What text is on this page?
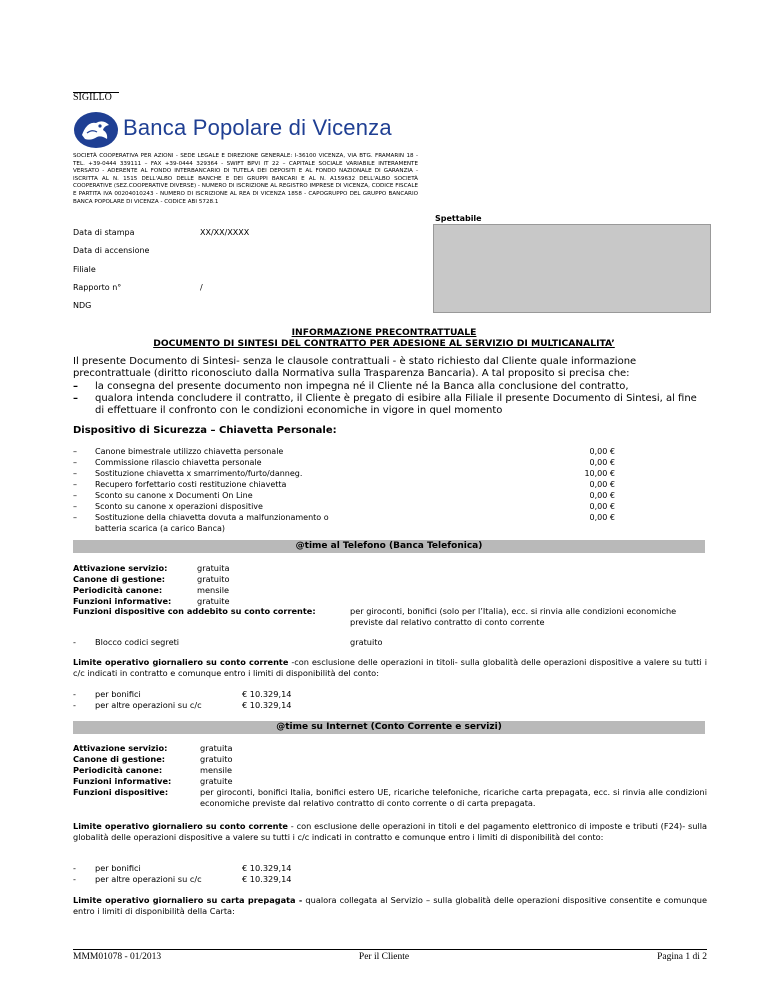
SIGILLO
Banca Popolare di Vicenza
SOCIETÀ COOPERATIVA PER AZIONI - SEDE LEGALE E DIREZIONE GENERALE: I-36100 VICENZA, VIA BTG. FRAMARIN 18 - TEL. +39-0444 339111 – FAX +39-0444 329364 - SWIFT BPVI IT 22 – CAPITALE SOCIALE VARIABILE INTERAMENTE VERSATO - ADERENTE AL FONDO INTERBANCARIO DI TUTELA DEI DEPOSITI E AL FONDO NAZIONALE DI GARANZIA - ISCRITTA AL N. 1515 DELL'ALBO DELLE BANCHE E DEI GRUPPI BANCARI E AL N. A159632 DELL'ALBO SOCIETÀ COOPERATIVE (SEZ.COOPERATIVE DIVERSE) - NUMERO DI ISCRIZIONE AL REGISTRO IMPRESE DI VICENZA, CODICE FISCALE E PARTITA IVA 00204010243 - NUMERO DI ISCRIZIONE AL REA DI VICENZA 1858 - CAPOGRUPPO DEL GRUPPO BANCARIO BANCA POPOLARE DI VICENZA - CODICE ABI 5728.1
Spettabile
Data di stampa	XX/XX/XXXX
Data di accensione
Filiale
Rapporto n°	/
NDG
INFORMAZIONE PRECONTRATTUALE
DOCUMENTO DI SINTESI DEL CONTRATTO PER ADESIONE AL SERVIZIO DI MULTICANALITA’
Il presente Documento di Sintesi- senza le clausole contrattuali - è stato richiesto dal Cliente quale informazione precontrattuale (diritto riconosciuto dalla Normativa sulla Trasparenza Bancaria). A tal proposito si precisa che:
– la consegna del presente documento non impegna né il Cliente né la Banca alla conclusione del contratto,
– qualora intenda concludere il contratto, il Cliente è pregato di esibire alla Filiale il presente Documento di Sintesi, al fine di effettuare il confronto con le condizioni economiche in vigore in quel momento
Dispositivo di Sicurezza – Chiavetta Personale:
– Canone bimestrale utilizzo chiavetta personale	0,00 €
– Commissione rilascio chiavetta personale	0,00 €
– Sostituzione chiavetta x smarrimento/furto/danneg.	10,00 €
– Recupero forfettario costi restituzione chiavetta	0,00 €
– Sconto su canone x Documenti On Line	0,00 €
– Sconto su canone x operazioni dispositive	0,00 €
– Sostituzione della chiavetta dovuta a malfunzionamento o	0,00 €
batteria scarica (a carico Banca)
@time al Telefono (Banca Telefonica)
Attivazione servizio:	gratuita
Canone di gestione:	gratuito
Periodicità canone:	mensile
Funzioni informative:	gratuite
Funzioni dispositive con addebito su conto corrente:	per giroconti, bonifici (solo per l’Italia), ecc. si rinvia alle condizioni economiche previste dal relativo contratto di conto corrente
- Blocco codici segreti	gratuito
Limite operativo giornaliero su conto corrente -con esclusione delle operazioni in titoli- sulla globalità delle operazioni dispositive a valere su tutti i c/c indicati in contratto e comunque entro i limiti di disponibilità del conto:
- per bonifici	€ 10.329,14
- per altre operazioni su c/c	€ 10.329,14
@time su Internet (Conto Corrente e servizi)
Attivazione servizio:	gratuita
Canone di gestione:	gratuito
Periodicità canone:	mensile
Funzioni informative:	gratuite
Funzioni dispositive:	per giroconti, bonifici Italia, bonifici estero UE, ricariche telefoniche, ricariche carta prepagata, ecc. si rinvia alle condizioni economiche previste dal relativo contratto di conto corrente o di carta prepagata.
Limite operativo giornaliero su conto corrente - con esclusione delle operazioni in titoli e del pagamento elettronico di imposte e tributi (F24)- sulla globalità delle operazioni dispositive a valere su tutti i c/c indicati in contratto e comunque entro i limiti di disponibilità del conto:
- per bonifici	€ 10.329,14
- per altre operazioni su c/c	€ 10.329,14
Limite operativo giornaliero su carta prepagata - qualora collegata al Servizio – sulla globalità delle operazioni dispositive consentite e comunque entro i limiti di disponibilità della Carta:
MMM01078 - 01/2013	Per il Cliente	Pagina 1 di 2
